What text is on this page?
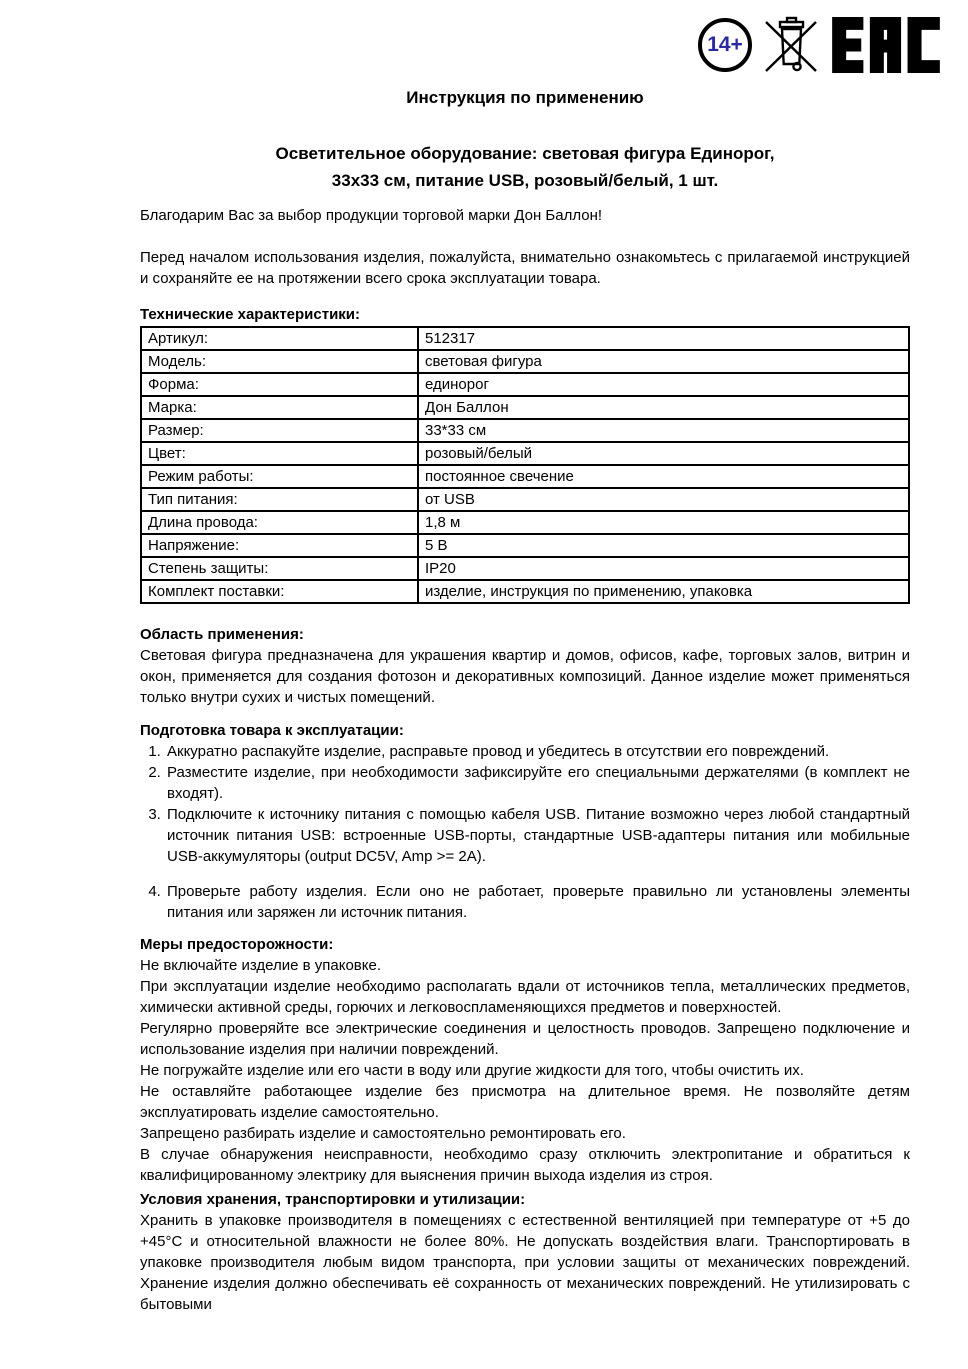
14+
Инструкция по применению
Осветительное оборудование: световая фигура Единорог,
33х33 см, питание USB, розовый/белый, 1 шт.

Благодарим Вас за выбор продукции торговой марки Дон Баллон!

Перед началом использования изделия, пожалуйста, внимательно ознакомьтесь с прилагаемой инструкцией и сохраняйте ее на протяжении всего срока эксплуатации товара.

Технические характеристики:
Артикул:	512317
Модель:	световая фигура
Форма:	единорог
Марка:	Дон Баллон
Размер:	33*33 см
Цвет:	розовый/белый
Режим работы:	постоянное свечение
Тип питания:	от USB
Длина провода:	1,8 м
Напряжение:	5 В
Степень защиты:	IP20
Комплект поставки:	изделие, инструкция по применению, упаковка
Область применения:

Световая фигура предназначена для украшения квартир и домов, офисов, кафе, торговых залов, витрин и окон, применяется для создания фотозон и декоративных композиций. Данное изделие может применяться только внутри сухих и чистых помещений.

Подготовка товара к эксплуатации:
1. Аккуратно распакуйте изделие, расправьте провод и убедитесь в отсутствии его повреждений.
2. Разместите изделие, при необходимости зафиксируйте его специальными держателями (в комплект не входят).
3. Подключите к источнику питания с помощью кабеля USB. Питание возможно через любой стандартный источник питания USB: встроенные USB-порты, стандартные USB-адаптеры питания или мобильные USB-аккумуляторы (output DC5V, Amp >= 2A).
4. Проверьте работу изделия. Если оно не работает, проверьте правильно ли установлены элементы питания или заряжен ли источник питания.
Меры предосторожности:

Не включайте изделие в упаковке.

При эксплуатации изделие необходимо располагать вдали от источников тепла, металлических предметов, химически активной среды, горючих и легковоспламеняющихся предметов и поверхностей.

Регулярно проверяйте все электрические соединения и целостность проводов. Запрещено подключение и использование изделия при наличии повреждений.

Не погружайте изделие или его части в воду или другие жидкости для того, чтобы очистить их.

Не оставляйте работающее изделие без присмотра на длительное время. Не позволяйте детям эксплуатировать изделие самостоятельно.

Запрещено разбирать изделие и самостоятельно ремонтировать его.

В случае обнаружения неисправности, необходимо сразу отключить электропитание и обратиться к квалифицированному электрику для выяснения причин выхода изделия из строя.

Условия хранения, транспортировки и утилизации:

Хранить в упаковке производителя в помещениях с естественной вентиляцией при температуре от +5 до +45°С и относительной влажности не более 80%. Не допускать воздействия влаги. Транспортировать в упаковке производителя любым видом транспорта, при условии защиты от механических повреждений. Хранение изделия должно обеспечивать её сохранность от механических повреждений. Не утилизировать с бытовыми
